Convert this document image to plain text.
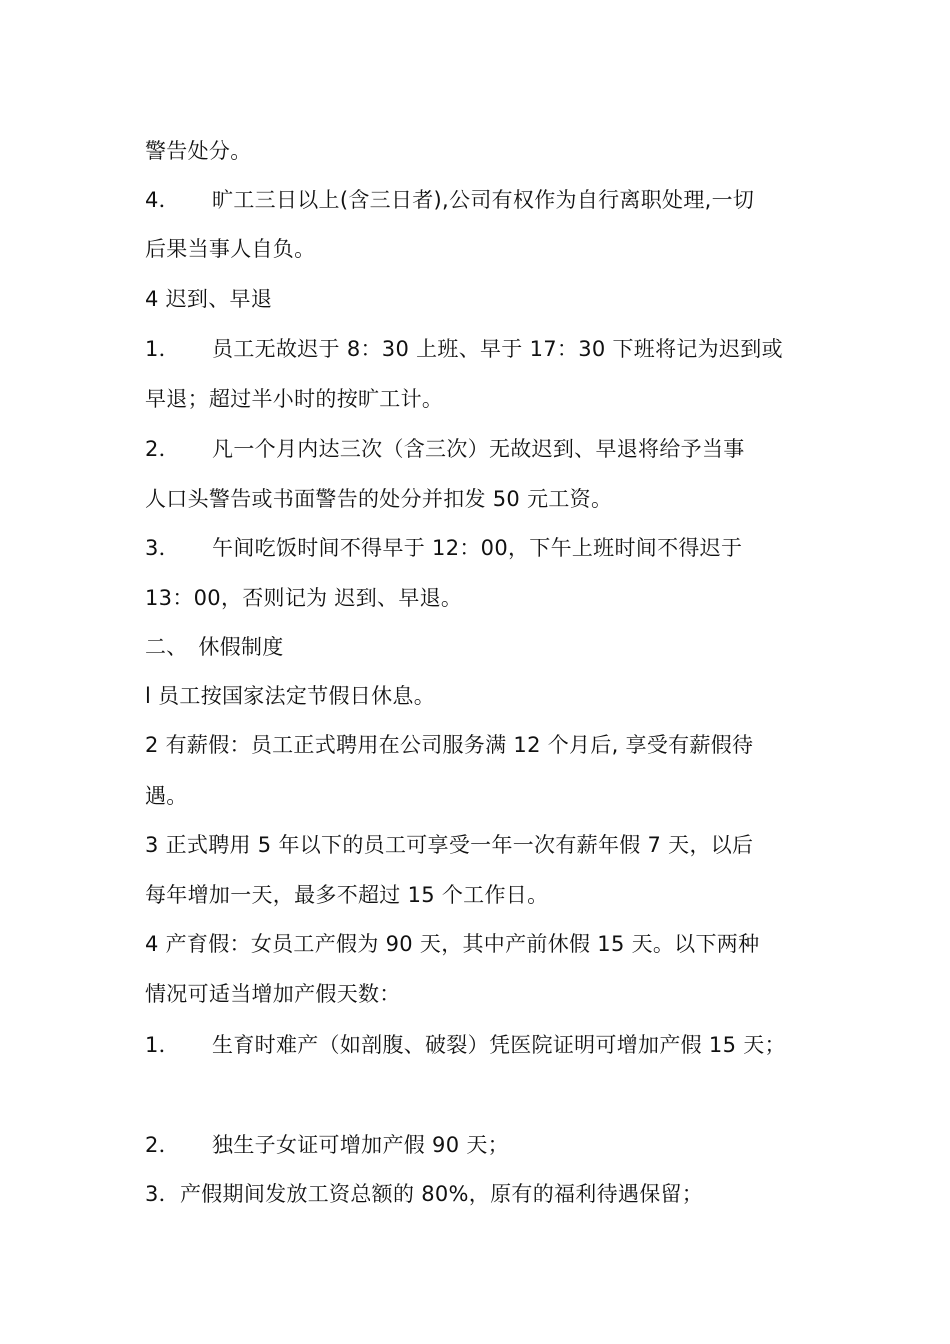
警告处分。
4．　　旷工三日以上(含三日者),公司有权作为自行离职处理,一切
后果当事人自负。
4 迟到、早退
1．　　员工无故迟于 8：30 上班、早于 17：30 下班将记为迟到或
早退；超过半小时的按旷工计。
2．　　凡一个月内达三次（含三次）无故迟到、早退将给予当事
人口头警告或书面警告的处分并扣发 50 元工资。
3．　　午间吃饭时间不得早于 12：00，下午上班时间不得迟于
13：00，否则记为 迟到、早退。
二、　休假制度
l 员工按国家法定节假日休息。
2 有薪假：员工正式聘用在公司服务满 12 个月后, 享受有薪假待
遇。
3 正式聘用 5 年以下的员工可享受一年一次有薪年假 7 天，以后
每年增加一天，最多不超过 15 个工作日。
4 产育假：女员工产假为 90 天，其中产前休假 15 天。以下两种
情况可适当增加产假天数：
1．　　生育时难产（如剖腹、破裂）凭医院证明可增加产假 15 天；
2．　　独生子女证可增加产假 90 天；
3．产假期间发放工资总额的 80%，原有的福利待遇保留；
